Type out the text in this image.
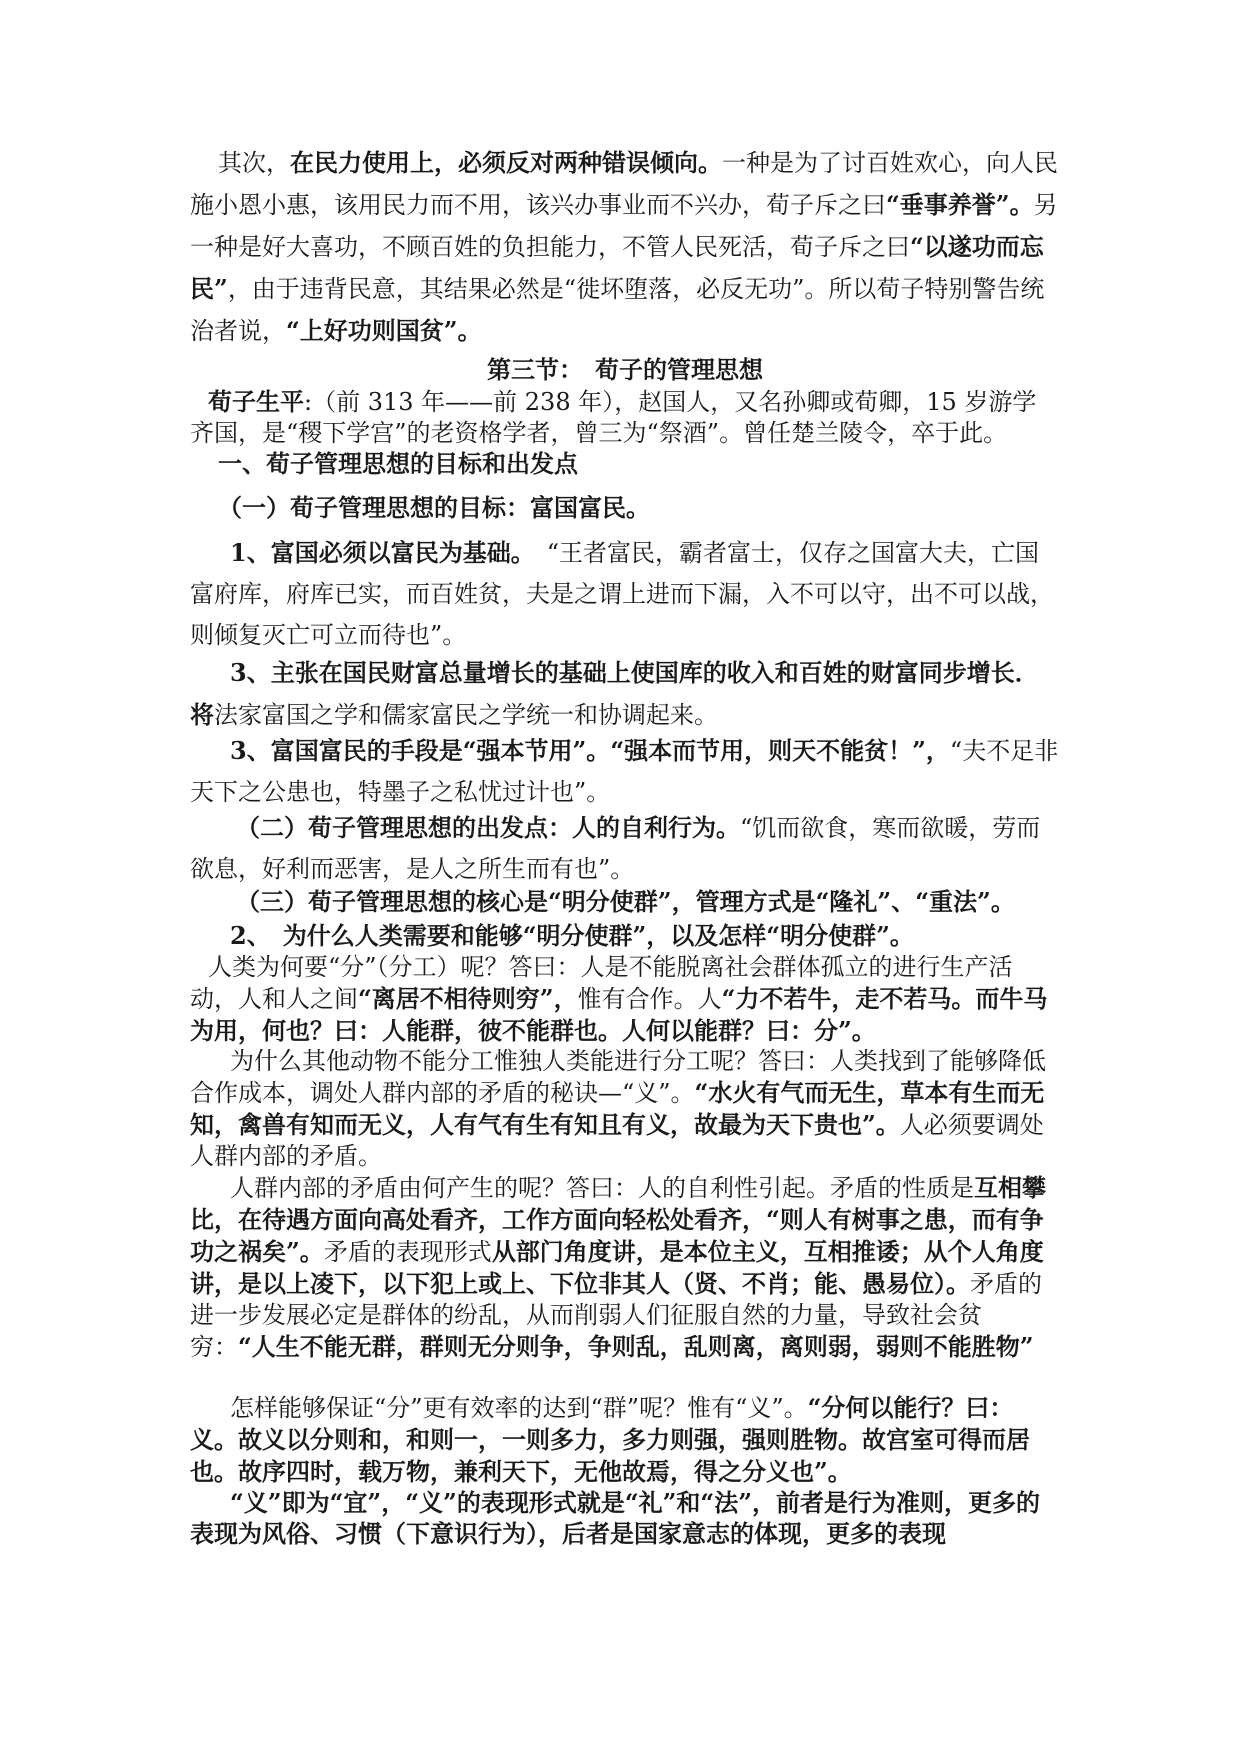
其次，在民力使用上，必须反对两种错误倾向。一种是为了讨百姓欢心，向人民施小恩小惠，该用民力而不用，该兴办事业而不兴办，荀子斥之曰“垂事养誉”。另一种是好大喜功，不顾百姓的负担能力，不管人民死活，荀子斥之曰“以遂功而忘民”，由于违背民意，其结果必然是“徙坏堕落，必反无功”。所以荀子特别警告统治者说，“上好功则国贫”。

第三节：　荀子的管理思想

荀子生平:（前 313 年——前 238 年），赵国人，又名孙卿或荀卿，15 岁游学齐国，是“稷下学宫”的老资格学者，曾三为“祭酒”。曾任楚兰陵令，卒于此。

一、荀子管理思想的目标和出发点

（一）荀子管理思想的目标：富国富民。

1、富国必须以富民为基础。　“王者富民，霸者富士，仅存之国富大夫，亡国富府库，府库已实，而百姓贫，夫是之谓上进而下漏，入不可以守，出不可以战，则倾复灭亡可立而待也”。

3、主张在国民财富总量增长的基础上使国库的收入和百姓的财富同步增长．将法家富国之学和儒家富民之学统一和协调起来。

3、富国富民的手段是“强本节用”。“强本而节用，则天不能贫！”，“夫不足非天下之公患也，特墨子之私忧过计也”。

（二）荀子管理思想的出发点：人的自利行为。“饥而欲食，寒而欲暖，劳而欲息，好利而恶害，是人之所生而有也”。

（三）荀子管理思想的核心是“明分使群”，管理方式是“隆礼”、“重法”。

2、　为什么人类需要和能够“明分使群”，以及怎样“明分使群”。

人类为何要“分”（分工）呢？答曰：人是不能脱离社会群体孤立的进行生产活动，人和人之间“离居不相待则穷”，惟有合作。人“力不若牛，走不若马。而牛马为用，何也？曰：人能群，彼不能群也。人何以能群？曰：分”。

为什么其他动物不能分工惟独人类能进行分工呢？答曰：人类找到了能够降低合作成本，调处人群内部的矛盾的秘诀—“义”。“水火有气而无生，草本有生而无知，禽兽有知而无义，人有气有生有知且有义，故最为天下贵也”。人必须要调处人群内部的矛盾。

人群内部的矛盾由何产生的呢？答曰：人的自利性引起。矛盾的性质是互相攀比，在待遇方面向高处看齐，工作方面向轻松处看齐，“则人有树事之患，而有争功之祸矣”。矛盾的表现形式从部门角度讲，是本位主义，互相推诿；从个人角度讲，是以上凌下，以下犯上或上、下位非其人（贤、不肖；能、愚易位）。矛盾的进一步发展必定是群体的纷乱，从而削弱人们征服自然的力量，导致社会贫穷：“人生不能无群，群则无分则争，争则乱，乱则离，离则弱，弱则不能胜物”

怎样能够保证“分”更有效率的达到“群”呢？惟有“义”。“分何以能行？曰：义。故义以分则和，和则一，一则多力，多力则强，强则胜物。故宫室可得而居也。故序四时，载万物，兼利天下，无他故焉，得之分义也”。

“义”即为“宜”，“义”的表现形式就是“礼”和“法”，前者是行为准则，更多的表现为风俗、习惯（下意识行为），后者是国家意志的体现，更多的表现
